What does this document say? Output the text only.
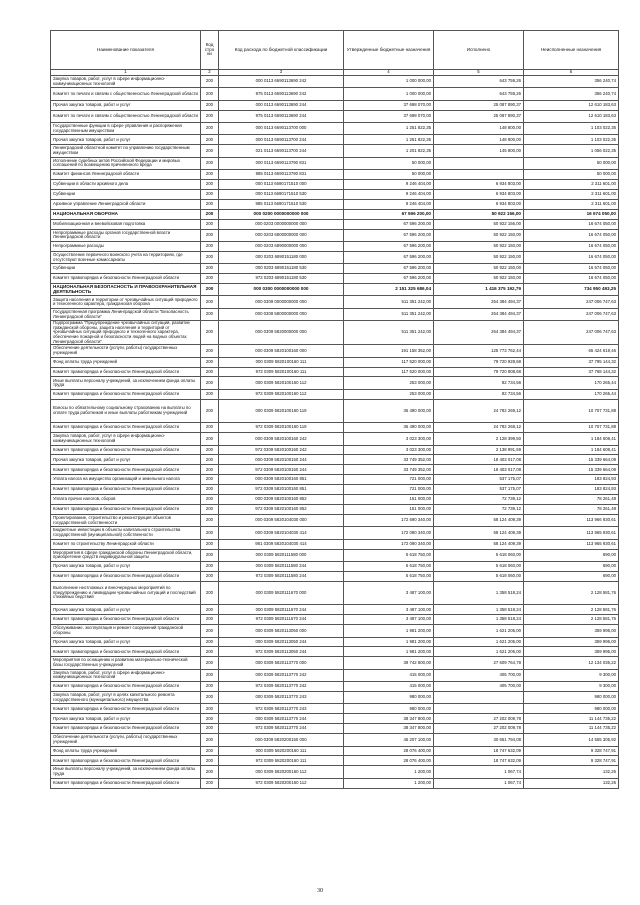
Наименование показателя	Код стро ки	Код расхода по бюджетной классификации	Утвержденные бюджетные назначения	Исполнено	Неисполненные назначения
1	2	3	4	5	6
Закупка товаров, работ, услуг в сфере информационно-коммуникационных технологий	200	000 0113 6690113690 242	1 000 000,00	643 759,26	356 240,74
Комитет по печати и связям с общественностью Ленинградской области	200	975 0113 6690113690 242	1 000 000,00	643 759,26	356 240,74
Прочая закупка товаров, работ и услуг	200	000 0113 6690113690 244	37 698 070,00	25 087 890,37	12 610 183,63
Комитет по печати и связям с общественностью Ленинградской области	200	975 0113 6690113690 244	37 698 070,00	25 087 890,37	12 610 183,63
Государственные функции в сфере управления и распоряжения государственным имуществом	200	000 0113 6690113700 000	1 251 822,35	148 800,00	1 103 022,35
Прочая закупка товаров, работ и услуг	200	000 0113 6690113700 244	1 251 822,35	148 800,00	1 103 022,35
Ленинградский областной комитет по управлению государственным имуществом	200	021 0113 6690113700 244	1 201 822,35	145 800,00	1 056 022,35
Исполнение судебных актов Российской Федерации и мировых соглашений по возмещению причиненного вреда	200	000 0113 6690113790 831	50 000,00		50 000,00
Комитет финансов Ленинградской области	200	985 0113 6690113790 831	50 000,00		50 000,00
Субвенции в области архивного дела	200	000 0113 6690171510 000	9 246 404,00	6 934 803,00	2 311 601,00
Субвенции	200	000 0113 6690171510 530	9 246 404,00	6 934 803,00	2 311 601,00
Архивное управление Ленинградской области	200	985 0113 6690171510 530	9 246 404,00	6 934 803,00	2 311 601,00
НАЦИОНАЛЬНАЯ ОБОРОНА	200	000 0200 0000000000 000	67 596 200,00	50 922 156,00	16 674 050,00
Мобилизационная и вневойсковая подготовка	200	000 0203 0000000000 000	67 596 200,00	50 922 156,00	16 674 050,00
Непрограммные расходы органов государственной власти Ленинградской области	200	000 0203 6800000000 000	67 596 200,00	50 922 150,00	16 674 050,00
Непрограммные расходы	200	000 0203 6890000000 000	67 596 200,00	50 922 150,00	16 674 050,00
Осуществление первичного воинского учета на территориях, где отсутствуют военные комиссариаты	200	000 0203 6890151180 000	67 596 200,00	50 922 150,00	16 674 050,00
Субвенции	200	000 0203 6890151180 530	67 596 200,00	50 922 150,00	16 674 050,00
Комитет правопорядка и безопасности Ленинградской области	200	972 0203 6890151180 530	67 596 200,00	50 922 150,00	16 674 050,00
НАЦИОНАЛЬНАЯ БЕЗОПАСНОСТЬ И ПРАВООХРАНИТЕЛЬНАЯ ДЕЯТЕЛЬНОСТЬ	200	000 0300 0000000000 000	2 151 325 686,04	1 416 375 192,79	734 950 493,25
Защита населения и территории от чрезвычайных ситуаций природного и техногенного характера, гражданская оборона	200	000 0309 0000000000 000	511 351 242,00	264 384 494,37	247 006 747,63
Государственная программа Ленинградской области "Безопасность Ленинградской области"	200	000 0309 5800000000 000	511 351 242,00	264 384 494,37	247 006 747,63
Подпрограмма "Предупреждение чрезвычайных ситуаций, развитие гражданской обороны, защита населения и территорий от чрезвычайных ситуаций природного и техногенного характера, обеспечение пожарной и безопасности людей на водных объектах Ленинградской области"	200	000 0309 5820000000 000	511 351 242,00	264 384 494,37	247 006 747,63
Обеспечение деятельности (услуги, работы) государственных учреждений	200	000 0309 5820100160 000	191 158 352,00	125 773 762,44	65 424 619,46
Фонд оплаты труда учреждений	200	000 0309 5820100160 111	117 520 000,00	79 720 928,68	37 795 144,32
Комитет правопорядка и безопасности Ленинградской области	200	972 0309 5820100160 111	117 520 000,00	79 720 808,68	37 768 144,32
Иные выплаты персоналу учреждений, за исключением фонда оплаты труда	200	000 0309 5820100160 112	253 000,00	82 734,56	170 265,44
Комитет правопорядка и безопасности Ленинградской области	200	972 0309 5820100160 112	253 000,00	82 734,56	170 265,44
Взносы по обязательному социальному страхованию на выплаты по оплате труда работников и иные выплаты работникам учреждений	200	000 0309 5820100160 119	35 490 000,00	24 782 269,12	10 707 731,88
Комитет правопорядка и безопасности Ленинградской области	200	972 0309 5820100160 119	35 490 000,00	24 782 268,12	10 707 731,88
Закупка товаров, работ, услуг в сфере информационно-коммуникационных технологий	200	000 0309 5820100160 242	3 023 300,00	2 128 399,50	1 184 608,41
Комитет правопорядка и безопасности Ленинградской области	200	972 0309 5820100160 242	3 023 300,00	2 138 991,59	1 184 608,41
Прочая закупка товаров, работ и услуг	200	000 0309 5820100160 244	33 749 352,00	18 403 017,08	15 339 664,09
Комитет правопорядка и безопасности Ленинградской области	200	972 0309 5820100160 244	33 749 352,00	18 403 017,08	15 339 664,09
Уплата налога на имущество организаций и земельного налога	200	000 0309 5820100160 851	721 000,00	537 175,07	183 824,93
Комитет правопорядка и безопасности Ленинградской области	200	972 0309 5820100160 851	721 000,00	537 175,07	183 824,93
Уплата прочих налогов, сборов	200	000 0309 5820100160 852	151 000,00	72 739,12	78 261,48
Комитет правопорядка и безопасности Ленинградской области	200	972 0309 5820100160 852	151 000,00	72 739,12	78 261,48
Проектирование, строительство и реконструкция объектов государственной собственности	200	000 0309 5820104030 000	172 690 340,00	58 124 409,39	113 966 930,61
Бюджетные инвестиции в объекты капитального строительства государственной (муниципальной) собственности	200	000 0309 5820104030 414	172 090 340,00	58 124 409,39	113 965 930,61
Комитет по строительству Ленинградской области	200	981 0309 5820104030 414	172 090 340,00	58 124 409,39	113 965 930,61
Мероприятия в сфере гражданской обороны Ленинградской области, приобретение средств индивидуальной защиты	200	000 0309 5820111580 000	5 618 750,00	5 618 060,00	690,00
Прочая закупка товаров, работ и услуг	200	000 0309 5820111580 244	5 618 750,00	5 618 060,00	690,00
Комитет правопорядка и безопасности Ленинградской области	200	972 0309 5820111580 244	5 618 750,00	5 618 060,00	690,00
Выполнение неотложных и внеочередных мероприятий по предупреждению и ликвидации чрезвычайных ситуаций и последствий стихийных бедствий	200	000 0309 5820111670 000	3 487 100,00	1 358 518,24	2 128 581,76
Прочая закупка товаров, работ и услуг	200	000 0309 5820111670 244	3 487 100,00	1 358 518,24	2 128 581,76
Комитет правопорядка и безопасности Ленинградской области	200	972 0309 5820111670 244	3 487 100,00	1 358 518,24	2 128 581,76
Обслуживание, эксплуатация и ремонт сооружений гражданской обороны	200	000 0309 5820113050 000	1 981 200,00	1 621 205,00	359 995,00
Прочая закупка товаров, работ и услуг	200	000 0309 5820113050 244	1 981 200,00	1 621 205,00	359 995,00
Комитет правопорядка и безопасности Ленинградской области	200	972 0309 5820113050 244	1 981 200,00	1 621 205,00	359 995,00
Мероприятия по оснащению и развитию материально-технической базы государственных учреждений	200	000 0309 5820113770 000	39 742 800,00	27 609 764,78	12 134 035,22
Закупка товаров, работ, услуг в сфере информационно-коммуникационных технологий	200	000 0309 5820113770 242	415 000,00	405 700,00	9 300,00
Комитет правопорядка и безопасности Ленинградской области	200	972 0309 5820113770 242	415 000,00	405 700,00	9 300,00
Закупка товаров, работ, услуг в целях капитального ремонта государственного (муниципального) имущества	200	000 0309 5820113770 243	980 000,00		980 000,00
Комитет правопорядка и безопасности Ленинградской области	200	972 0309 5820113770 243	980 000,00		980 000,00
Прочая закупка товаров, работ и услуг	200	000 0309 5820113770 244	38 347 800,00	27 202 009,78	11 144 735,22
Комитет правопорядка и безопасности Ленинградской области	200	972 0309 5820113770 244	38 347 800,00	27 202 009,78	11 144 735,22
Обеспечение деятельности (услуги, работы) государственных учреждений	200	000 0309 5820200160 000	45 207 100,00	30 651 794,08	14 555 305,92
Фонд оплаты труда учреждений	200	000 0309 5820200160 111	28 076 400,00	18 747 632,09	9 328 747,91
Комитет правопорядка и безопасности Ленинградской области	200	972 0309 5820200160 111	28 076 400,00	18 747 632,09	9 328 747,91
Иные выплаты персоналу учреждений, за исключением фонда оплаты труда	200	000 0309 5820200160 112	1 200,00	1 067,74	132,26
Комитет правопорядка и безопасности Ленинградской области	200	972 0309 5820200160 112	1 200,00	1 067,74	132,26
30
